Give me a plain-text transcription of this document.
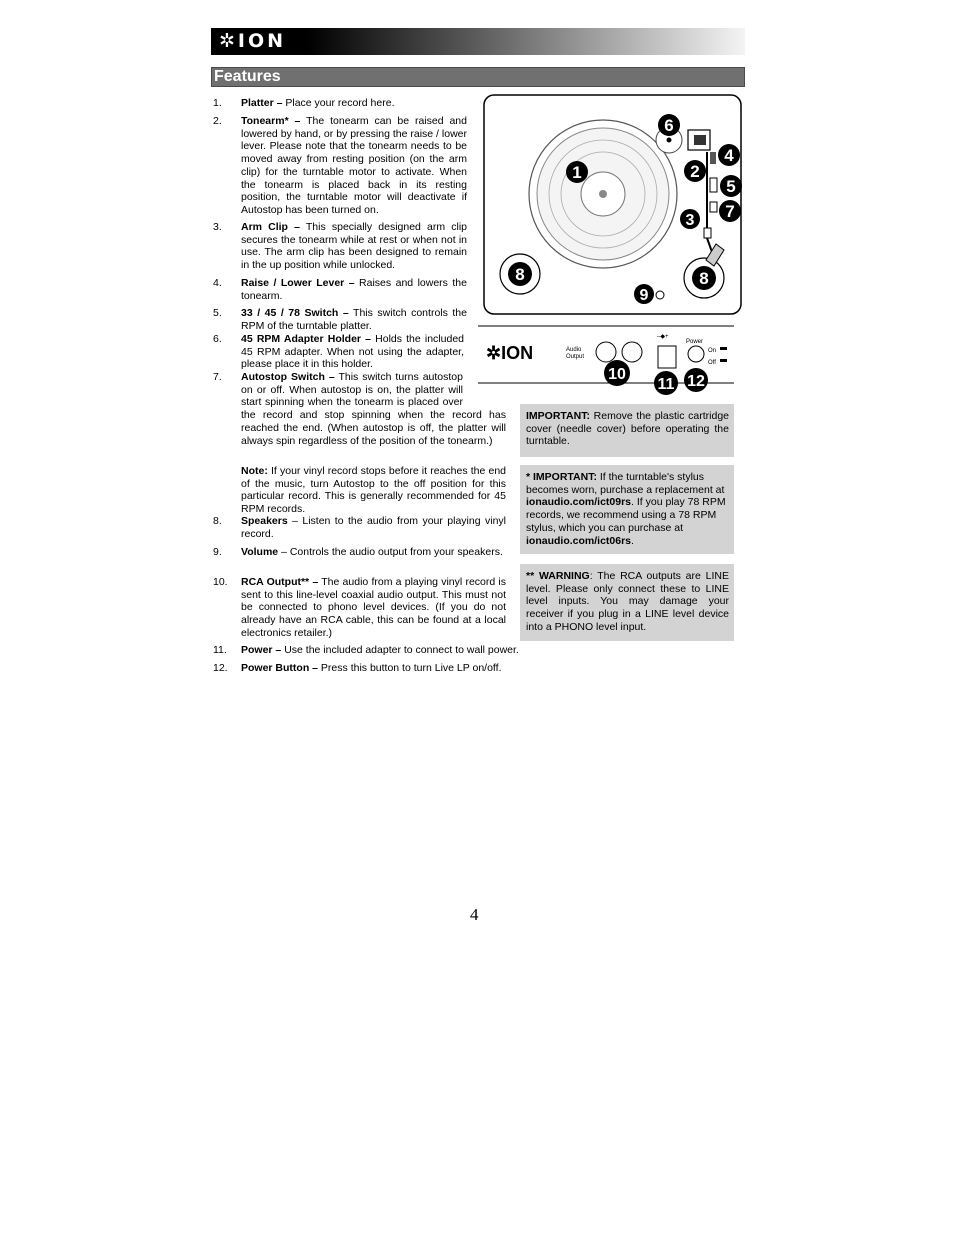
✲ION
Features
1. Platter – Place your record here.
2. Tonearm* – The tonearm can be raised and lowered by hand, or by pressing the raise / lower lever. Please note that the tonearm needs to be moved away from resting position (on the arm clip) for the turntable motor to activate. When the tonearm is placed back in its resting position, the turntable motor will deactivate if Autostop has been turned on.
3. Arm Clip – This specially designed arm clip secures the tonearm while at rest or when not in use. The arm clip has been designed to remain in the up position while unlocked.
4. Raise / Lower Lever – Raises and lowers the tonearm.
5. 33 / 45 / 78 Switch – This switch controls the RPM of the turntable platter.
6. 45 RPM Adapter Holder – Holds the included 45 RPM adapter. When not using the adapter, please place it in this holder.
7. Autostop Switch – This switch turns autostop on or off. When autostop is on, the platter will start spinning when the tonearm is placed over the record and stop spinning when the record has reached the end. (When autostop is off, the platter will always spin regardless of the position of the tonearm.)
Note: If your vinyl record stops before it reaches the end of the music, turn Autostop to the off position for this particular record. This is generally recommended for 45 RPM records.
8. Speakers – Listen to the audio from your playing vinyl record.
9. Volume – Controls the audio output from your speakers.
10. RCA Output** – The audio from a playing vinyl record is sent to this line-level coaxial audio output. This must not be connected to phono level devices. (If you do not already have an RCA cable, this can be found at a local electronics retailer.)
11. Power – Use the included adapter to connect to wall power.
12. Power Button – Press this button to turn Live LP on/off.
IMPORTANT: Remove the plastic cartridge cover (needle cover) before operating the turntable.
* IMPORTANT: If the turntable's stylus becomes worn, purchase a replacement at ionaudio.com/ict09rs. If you play 78 RPM records, we recommend using a 78 RPM stylus, which you can purchase at ionaudio.com/ict06rs.
** WARNING: The RCA outputs are LINE level. Please only connect these to LINE level inputs. You may damage your receiver if you plug in a LINE level device into a PHONO level input.
1	2
3
4
5
6
7
8	8
9
✲ION	Audio
Output
–◆+
Power
On
Off
10
11 12
4
